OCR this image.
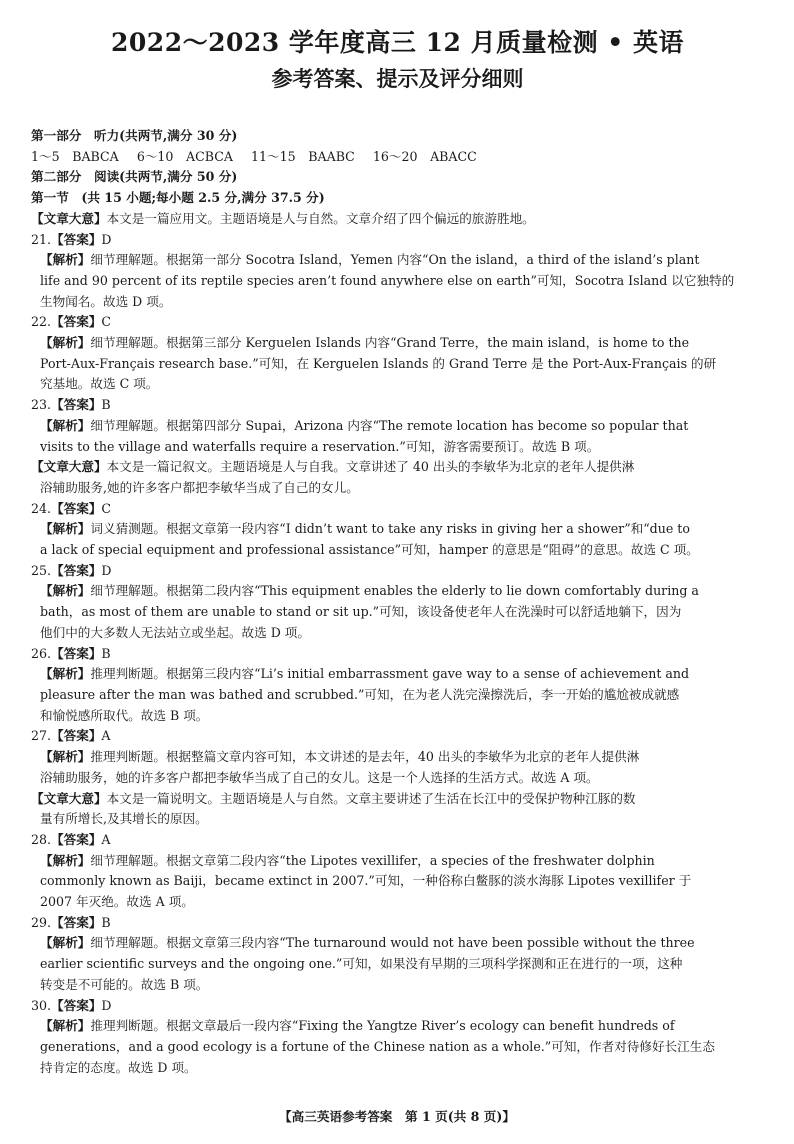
2022～2023 学年度高三 12 月质量检测 • 英语
参考答案、提示及评分细则
第一部分　听力(共两节,满分 30 分)
1～5　BABCA 6～10　ACBCA 11～15　BAABC 16～20　ABACC
第二部分　阅读(共两节,满分 50 分)
第一节　(共 15 小题;每小题 2.5 分,满分 37.5 分)
【文章大意】本文是一篇应用文。主题语境是人与自然。文章介绍了四个偏远的旅游胜地。
21.【答案】D
【解析】细节理解题。根据第一部分 Socotra Island，Yemen 内容“On the island，a third of the island’s plant
life and 90 percent of its reptile species aren’t found anywhere else on earth”可知，Socotra Island 以它独特的
生物闻名。故选 D 项。
22.【答案】C
【解析】细节理解题。根据第三部分 Kerguelen Islands 内容“Grand Terre，the main island，is home to the
Port-Aux-Français research base.”可知，在 Kerguelen Islands 的 Grand Terre 是 the Port-Aux-Français 的研
究基地。故选 C 项。
23.【答案】B
【解析】细节理解题。根据第四部分 Supai，Arizona 内容“The remote location has become so popular that
visits to the village and waterfalls require a reservation.”可知，游客需要预订。故选 B 项。
【文章大意】本文是一篇记叙文。主题语境是人与自我。文章讲述了 40 出头的李敏华为北京的老年人提供淋
浴辅助服务,她的许多客户都把李敏华当成了自己的女儿。
24.【答案】C
【解析】词义猜测题。根据文章第一段内容“I didn’t want to take any risks in giving her a shower”和“due to
a lack of special equipment and professional assistance”可知，hamper 的意思是“阻碍”的意思。故选 C 项。
25.【答案】D
【解析】细节理解题。根据第二段内容“This equipment enables the elderly to lie down comfortably during a
bath，as most of them are unable to stand or sit up.”可知，该设备使老年人在洗澡时可以舒适地躺下，因为
他们中的大多数人无法站立或坐起。故选 D 项。
26.【答案】B
【解析】推理判断题。根据第三段内容“Li’s initial embarrassment gave way to a sense of achievement and
pleasure after the man was bathed and scrubbed.”可知，在为老人洗完澡擦洗后，李一开始的尴尬被成就感
和愉悦感所取代。故选 B 项。
27.【答案】A
【解析】推理判断题。根据整篇文章内容可知，本文讲述的是去年，40 出头的李敏华为北京的老年人提供淋
浴辅助服务，她的许多客户都把李敏华当成了自己的女儿。这是一个人选择的生活方式。故选 A 项。
【文章大意】本文是一篇说明文。主题语境是人与自然。文章主要讲述了生活在长江中的受保护物种江豚的数
量有所增长,及其增长的原因。
28.【答案】A
【解析】细节理解题。根据文章第二段内容“the Lipotes vexillifer，a species of the freshwater dolphin
commonly known as Baiji，became extinct in 2007.”可知，一种俗称白鳖豚的淡水海豚 Lipotes vexillifer 于
2007 年灭绝。故选 A 项。
29.【答案】B
【解析】细节理解题。根据文章第三段内容“The turnaround would not have been possible without the three
earlier scientific surveys and the ongoing one.”可知，如果没有早期的三项科学探测和正在进行的一项，这种
转变是不可能的。故选 B 项。
30.【答案】D
【解析】推理判断题。根据文章最后一段内容“Fixing the Yangtze River’s ecology can benefit hundreds of
generations，and a good ecology is a fortune of the Chinese nation as a whole.”可知，作者对待修好长江生态
持肯定的态度。故选 D 项。
【高三英语参考答案　第 1 页(共 8 页)】
